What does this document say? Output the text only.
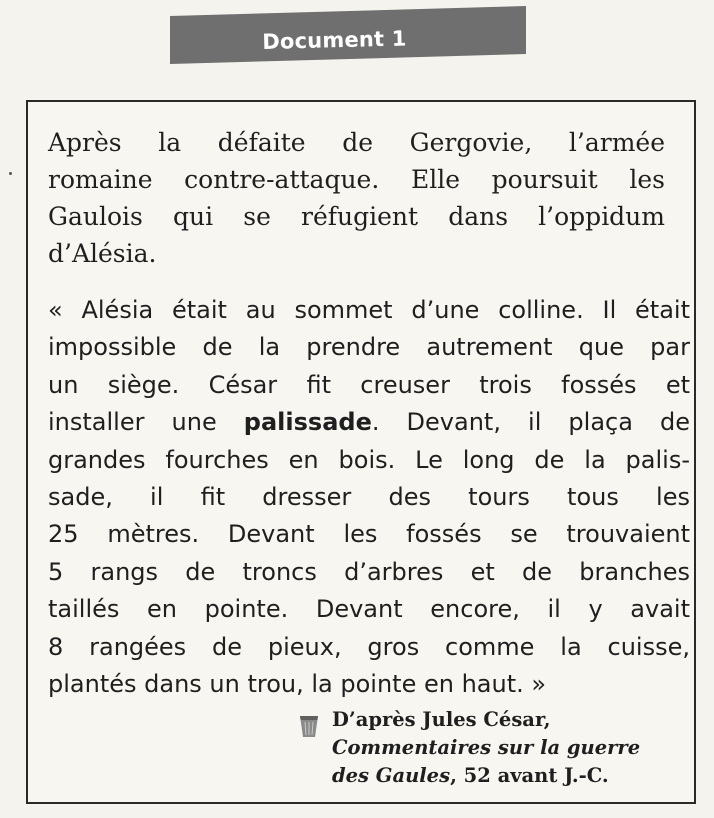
Document 1
Après la défaite de Gergovie, l’armée
romaine contre-attaque. Elle poursuit les
Gaulois qui se réfugient dans l’oppidum
d’Alésia.
« Alésia était au sommet d’une colline. Il était
impossible de la prendre autrement que par
un siège. César fit creuser trois fossés et
installer une palissade. Devant, il plaça de
grandes fourches en bois. Le long de la palis-
sade, il fit dresser des tours tous les
25 mètres. Devant les fossés se trouvaient
5 rangs de troncs d’arbres et de branches
taillés en pointe. Devant encore, il y avait
8 rangées de pieux, gros comme la cuisse,
plantés dans un trou, la pointe en haut. »
D’après Jules César,
Commentaires sur la guerre
des Gaules, 52 avant J.-C.
